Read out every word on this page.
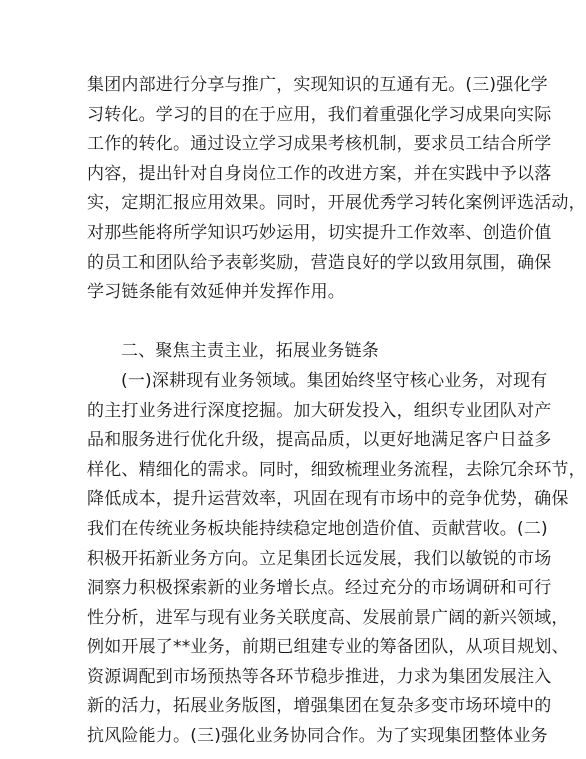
集团内部进行分享与推广，实现知识的互通有无。(三)强化学
习转化。学习的目的在于应用，我们着重强化学习成果向实际
工作的转化。通过设立学习成果考核机制，要求员工结合所学
内容，提出针对自身岗位工作的改进方案，并在实践中予以落
实，定期汇报应用效果。同时，开展优秀学习转化案例评选活动，
对那些能将所学知识巧妙运用，切实提升工作效率、创造价值
的员工和团队给予表彰奖励，营造良好的学以致用氛围，确保
学习链条能有效延伸并发挥作用。
二、聚焦主责主业，拓展业务链条
(一)深耕现有业务领域。集团始终坚守核心业务，对现有
的主打业务进行深度挖掘。加大研发投入，组织专业团队对产
品和服务进行优化升级，提高品质，以更好地满足客户日益多
样化、精细化的需求。同时，细致梳理业务流程，去除冗余环节，
降低成本，提升运营效率，巩固在现有市场中的竞争优势，确保
我们在传统业务板块能持续稳定地创造价值、贡献营收。(二)
积极开拓新业务方向。立足集团长远发展，我们以敏锐的市场
洞察力积极探索新的业务增长点。经过充分的市场调研和可行
性分析，进军与现有业务关联度高、发展前景广阔的新兴领域，
例如开展了**业务，前期已组建专业的筹备团队，从项目规划、
资源调配到市场预热等各环节稳步推进，力求为集团发展注入
新的活力，拓展业务版图，增强集团在复杂多变市场环境中的
抗风险能力。(三)强化业务协同合作。为了实现集团整体业务
